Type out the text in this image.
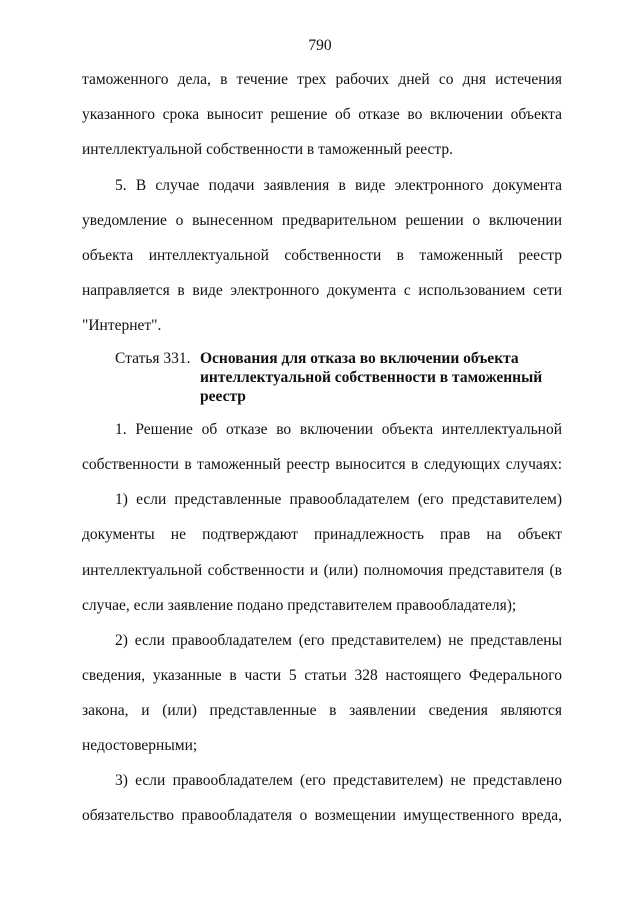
790
таможенного дела, в течение трех рабочих дней со дня истечения
указанного срока выносит решение об отказе во включении объекта
интеллектуальной собственности в таможенный реестр.
5. В случае подачи заявления в виде электронного документа
уведомление о вынесенном предварительном решении о включении
объекта интеллектуальной собственности в таможенный реестр
направляется в виде электронного документа с использованием сети
"Интернет".
Статья 331. Основания для отказа во включении объекта
интеллектуальной собственности в таможенный
реестр
1. Решение об отказе во включении объекта интеллектуальной
собственности в таможенный реестр выносится в следующих случаях:
1) если представленные правообладателем (его представителем)
документы не подтверждают принадлежность прав на объект
интеллектуальной собственности и (или) полномочия представителя (в
случае, если заявление подано представителем правообладателя);
2) если правообладателем (его представителем) не представлены
сведения, указанные в части 5 статьи 328 настоящего Федерального
закона, и (или) представленные в заявлении сведения являются
недостоверными;
3) если правообладателем (его представителем) не представлено
обязательство правообладателя о возмещении имущественного вреда,
